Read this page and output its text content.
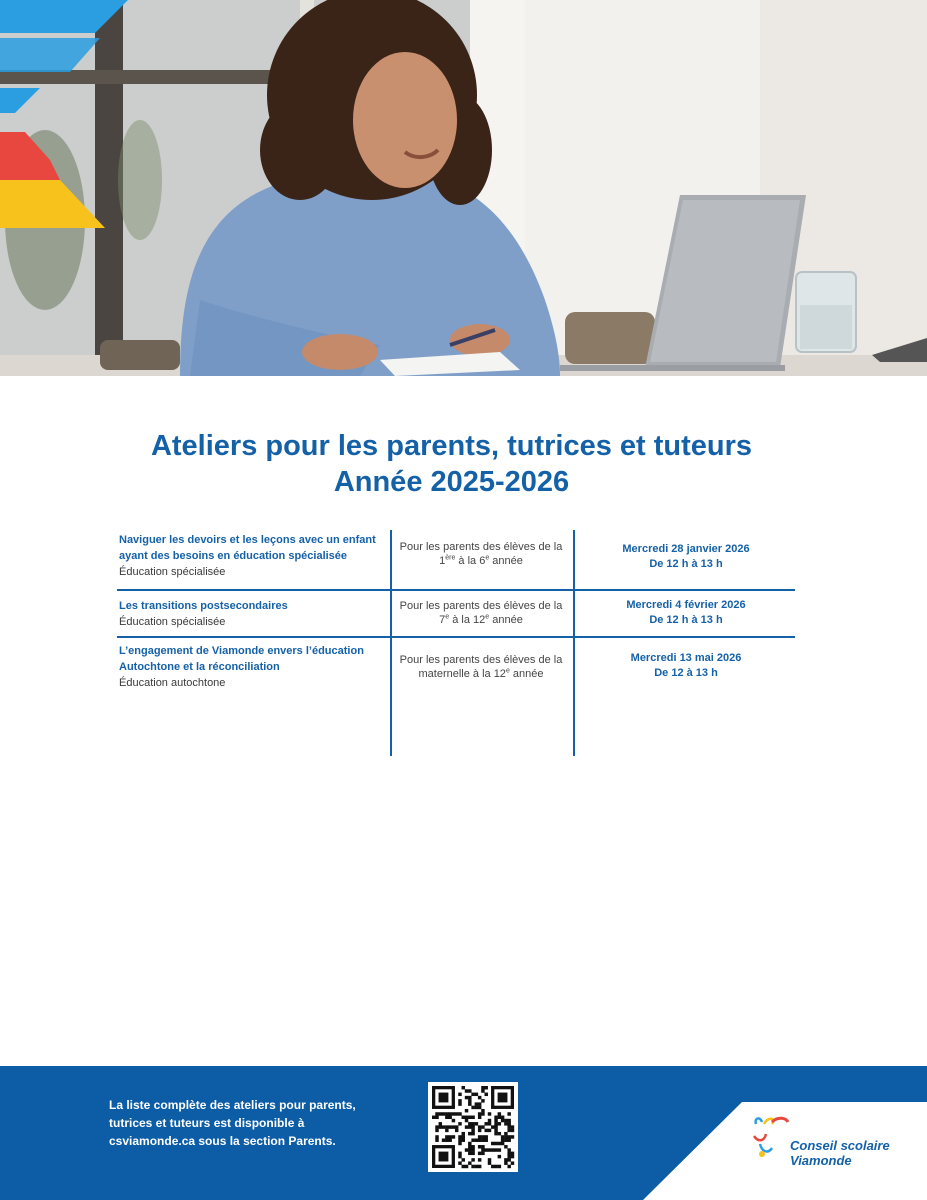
Ateliers pour les parents, tutrices et tuteurs
Année 2025-2026
Naviguer les devoirs et les leçons avec un enfant ayant des besoins en éducation spécialisée
Éducation spécialisée
Pour les parents des élèves de la 1ère à la 6e année
Mercredi 28 janvier 2026
De 12 h à 13 h
Les transitions postsecondaires
Éducation spécialisée
Pour les parents des élèves de la 7e à la 12e année
Mercredi 4 février 2026
De 12 h à 13 h
L’engagement de Viamonde envers l’éducation Autochtone et la réconciliation
Éducation autochtone
Pour les parents des élèves de la maternelle à la 12e année
Mercredi 13 mai 2026
De 12 à 13 h
La liste complète des ateliers pour parents, tutrices et tuteurs est disponible à csviamonde.ca sous la section Parents.	Conseil scolaire
Viamonde
